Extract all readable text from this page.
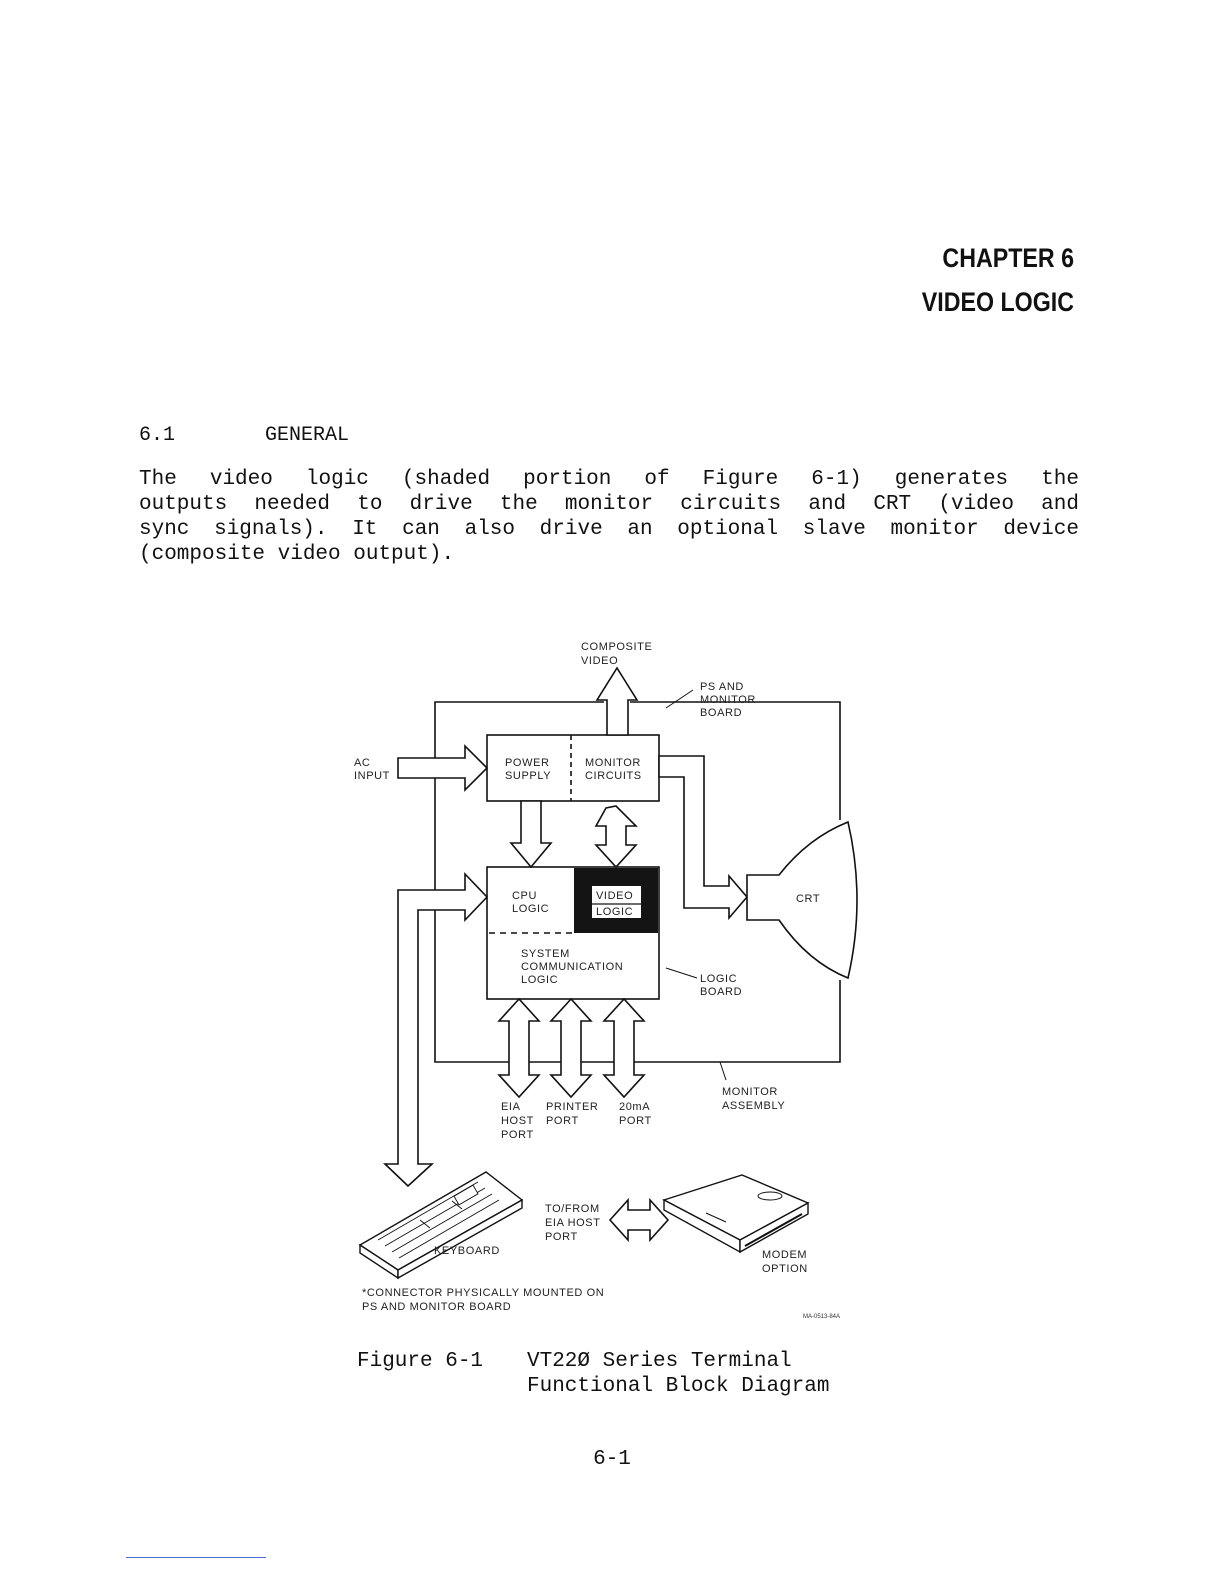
CHAPTER 6
VIDEO LOGIC
6.1	GENERAL
The video logic (shaded portion of Figure 6-1) generates the
outputs needed to drive the monitor circuits and CRT (video and
sync signals). It can also drive an optional slave monitor device
(composite video output).
COMPOSITE VIDEO
PS AND MONITOR BOARD
AC INPUT
POWER SUPPLY
MONITOR CIRCUITS
CPU LOGIC
VIDEO LOGIC
SYSTEM COMMUNICATION LOGIC	LOGIC BOARD
CRT
EIA HOST PORT
PRINTER PORT
20mA PORT
MONITOR ASSEMBLY
KEYBOARD
TO/FROM EIA HOST PORT
MODEM OPTION
*CONNECTOR PHYSICALLY MOUNTED ON PS AND MONITOR BOARD
MA-0513-84A
Figure 6-1 VT22Ø Series Terminal
Functional Block Diagram
6-1
